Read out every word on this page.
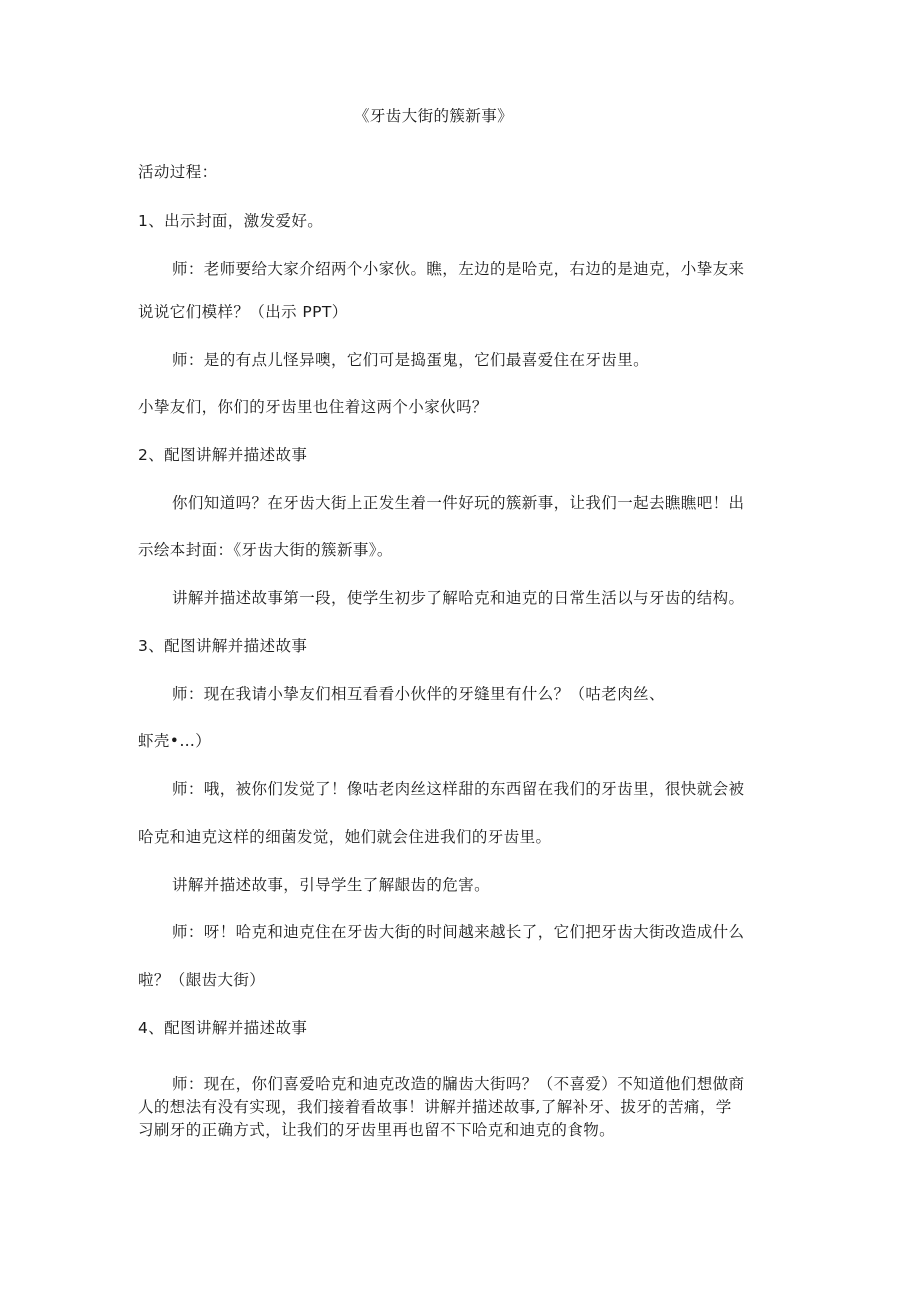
《牙齿大街的簇新事》
活动过程：
1、出示封面，激发爱好。
师：老师要给大家介绍两个小家伙。瞧，左边的是哈克，右边的是迪克，小挚友来
说说它们模样？（出示 PPT）
师：是的有点儿怪异噢，它们可是捣蛋鬼，它们最喜爱住在牙齿里。
小挚友们，你们的牙齿里也住着这两个小家伙吗？
2、配图讲解并描述故事
你们知道吗？在牙齿大街上正发生着一件好玩的簇新事，让我们一起去瞧瞧吧！出
示绘本封面：《牙齿大街的簇新事》。
讲解并描述故事第一段，使学生初步了解哈克和迪克的日常生活以与牙齿的结构。
3、配图讲解并描述故事
师：现在我请小挚友们相互看看小伙伴的牙缝里有什么？（咕老肉丝、
虾壳•…）
师：哦，被你们发觉了！像咕老肉丝这样甜的东西留在我们的牙齿里，很快就会被
哈克和迪克这样的细菌发觉，她们就会住进我们的牙齿里。
讲解并描述故事，引导学生了解龈齿的危害。
师：呀！哈克和迪克住在牙齿大街的时间越来越长了，它们把牙齿大街改造成什么
啦？（龈齿大街）
4、配图讲解并描述故事
师：现在，你们喜爱哈克和迪克改造的牖齿大街吗？（不喜爱）不知道他们想做商
人的想法有没有实现，我们接着看故事！讲解并描述故事,了解补牙、拔牙的苦痛，学
习刷牙的正确方式，让我们的牙齿里再也留不下哈克和迪克的食物。
